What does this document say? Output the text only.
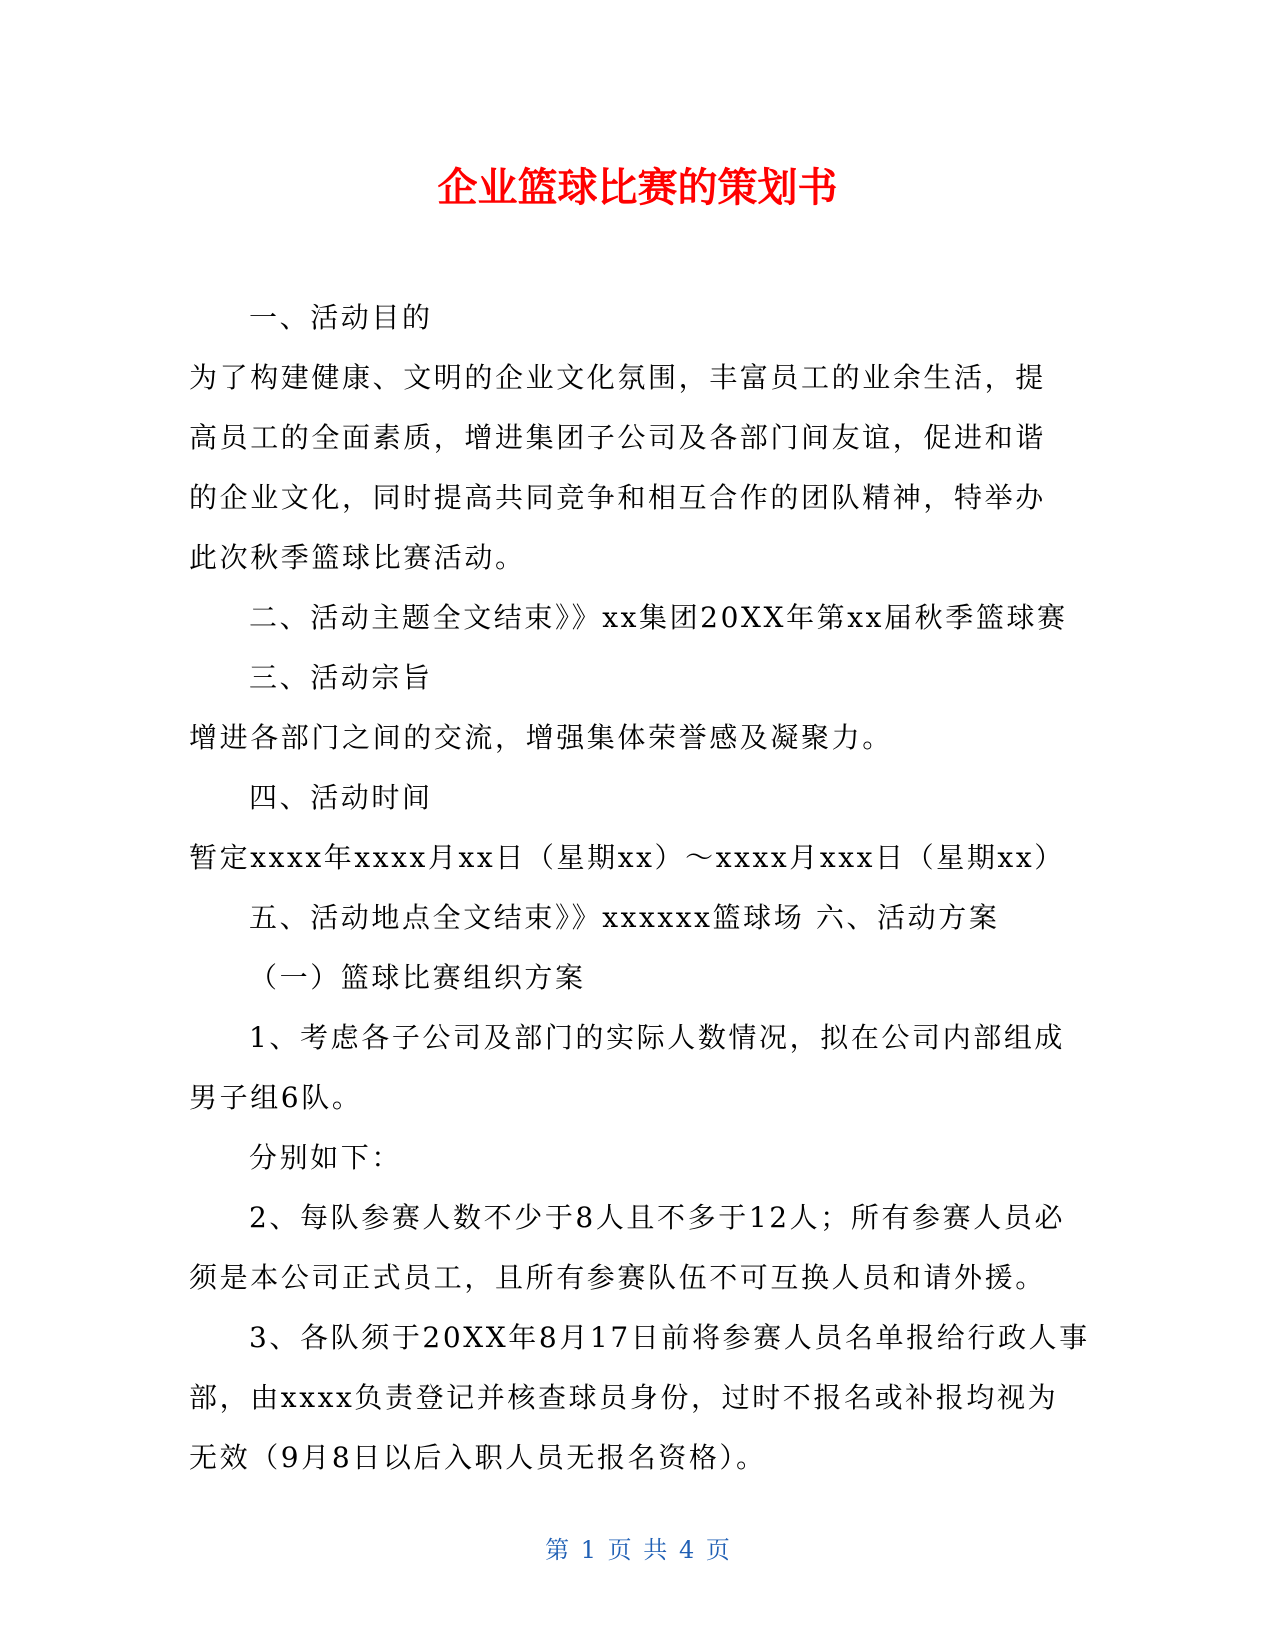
企业篮球比赛的策划书

一、活动目的

为了构建健康、文明的企业文化氛围，丰富员工的业余生活，提

高员工的全面素质，增进集团子公司及各部门间友谊，促进和谐

的企业文化，同时提高共同竞争和相互合作的团队精神，特举办

此次秋季篮球比赛活动。

二、活动主题全文结束》》xx集团20XX年第xx届秋季篮球赛

三、活动宗旨

增进各部门之间的交流，增强集体荣誉感及凝聚力。

四、活动时间

暂定xxxx年xxxx月xx日（星期xx）～xxxx月xxx日（星期xx）

五、活动地点全文结束》》xxxxxx篮球场 六、活动方案

（一）篮球比赛组织方案

1、考虑各子公司及部门的实际人数情况，拟在公司内部组成

男子组6队。

分别如下：

2、每队参赛人数不少于8人且不多于12人；所有参赛人员必

须是本公司正式员工，且所有参赛队伍不可互换人员和请外援。

3、各队须于20XX年8月17日前将参赛人员名单报给行政人事

部，由xxxx负责登记并核查球员身份，过时不报名或补报均视为

无效（9月8日以后入职人员无报名资格）。

第 1 页 共 4 页
